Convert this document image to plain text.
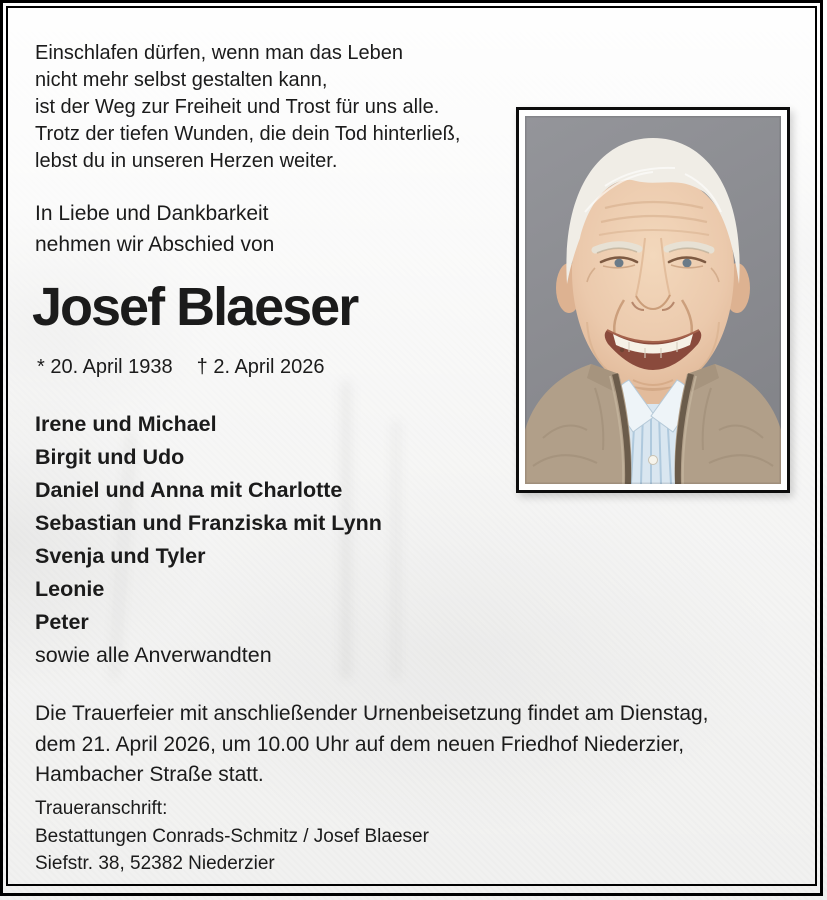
Einschlafen dürfen, wenn man das Leben
nicht mehr selbst gestalten kann,
ist der Weg zur Freiheit und Trost für uns alle.
Trotz der tiefen Wunden, die dein Tod hinterließ,
lebst du in unseren Herzen weiter.
In Liebe und Dankbarkeit
nehmen wir Abschied von
Josef Blaeser
* 20. April 1938 † 2. April 2026
Irene und Michael
Birgit und Udo
Daniel und Anna mit Charlotte
Sebastian und Franziska mit Lynn
Svenja und Tyler
Leonie
Peter
sowie alle Anverwandten
Die Trauerfeier mit anschließender Urnenbeisetzung findet am Dienstag,
dem 21. April 2026, um 10.00 Uhr auf dem neuen Friedhof Niederzier,
Hambacher Straße statt.
Traueranschrift:
Bestattungen Conrads-Schmitz / Josef Blaeser
Siefstr. 38, 52382 Niederzier
